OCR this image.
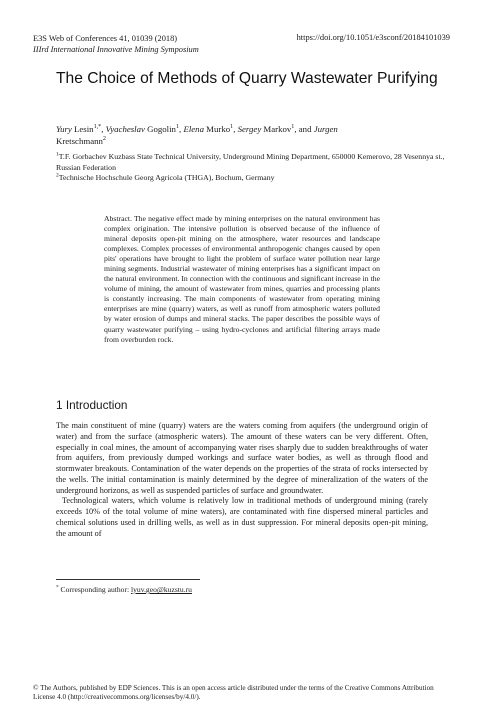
E3S Web of Conferences 41, 01039 (2018)
IIIrd International Innovative Mining Symposium
https://doi.org/10.1051/e3sconf/20184101039
The Choice of Methods of Quarry Wastewater Purifying
Yury Lesin$^{1,*}$, Vyacheslav Gogolin$^1$, Elena Murko$^1$, Sergey Markov$^1$, and Jurgen
Kretschmann$^2$
$^1$T.F. Gorbachev Kuzbass State Technical University, Underground Mining Department, 650000 Kemerovo, 28 Vesennya st., Russian Federation
$^2$Technische Hochschule Georg Agricola (THGA), Bochum, Germany
Abstract. The negative effect made by mining enterprises on the natural environment has complex origination. The intensive pollution is observed because of the influence of mineral deposits open-pit mining on the atmosphere, water resources and landscape complexes. Complex processes of environmental anthropogenic changes caused by open pits' operations have brought to light the problem of surface water pollution near large mining segments. Industrial wastewater of mining enterprises has a significant impact on the natural environment. In connection with the continuous and significant increase in the volume of mining, the amount of wastewater from mines, quarries and processing plants is constantly increasing. The main components of wastewater from operating mining enterprises are mine (quarry) waters, as well as runoff from atmospheric waters polluted by water erosion of dumps and mineral stacks. The paper describes the possible ways of quarry wastewater purifying – using hydro-cyclones and artificial filtering arrays made from overburden rock.
1 Introduction

The main constituent of mine (quarry) waters are the waters coming from aquifers (the underground origin of water) and from the surface (atmospheric waters). The amount of these waters can be very different. Often, especially in coal mines, the amount of accompanying water rises sharply due to sudden breakthroughs of water from aquifers, from previously dumped workings and surface water bodies, as well as through flood and stormwater breakouts. Contamination of the water depends on the properties of the strata of rocks intersected by the wells. The initial contamination is mainly determined by the degree of mineralization of the waters of the underground horizons, as well as suspended particles of surface and groundwater.

Technological waters, which volume is relatively low in traditional methods of underground mining (rarely exceeds 10% of the total volume of mine waters), are contaminated with fine dispersed mineral particles and chemical solutions used in drilling wells, as well as in dust suppression. For mineral deposits open-pit mining, the amount of

* Corresponding author: lyuv.geo@kuzstu.ru
© The Authors, published by EDP Sciences. This is an open access article distributed under the terms of the Creative Commons Attribution License 4.0 (http://creativecommons.org/licenses/by/4.0/).
